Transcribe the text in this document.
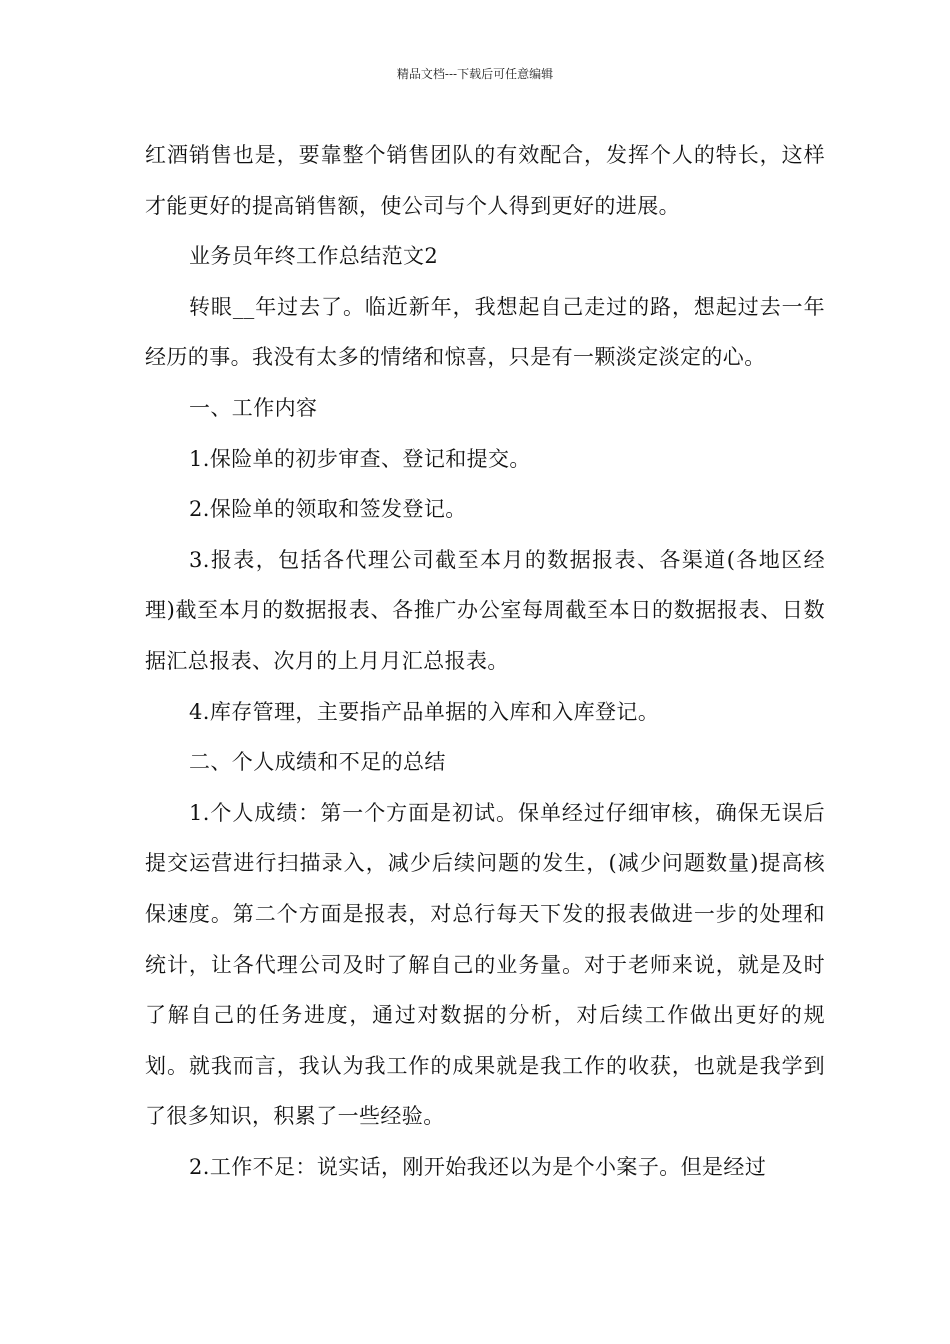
精品文档---下载后可任意编辑

红酒销售也是，要靠整个销售团队的有效配合，发挥个人的特长，这样才能更好的提高销售额，使公司与个人得到更好的进展。

业务员年终工作总结范文2

转眼__年过去了。临近新年，我想起自己走过的路，想起过去一年经历的事。我没有太多的情绪和惊喜，只是有一颗淡定淡定的心。

一、工作内容

1.保险单的初步审查、登记和提交。

2.保险单的领取和签发登记。

3.报表，包括各代理公司截至本月的数据报表、各渠道(各地区经理)截至本月的数据报表、各推广办公室每周截至本日的数据报表、日数据汇总报表、次月的上月月汇总报表。

4.库存管理，主要指产品单据的入库和入库登记。

二、个人成绩和不足的总结

1.个人成绩：第一个方面是初试。保单经过仔细审核，确保无误后提交运营进行扫描录入，减少后续问题的发生，(减少问题数量)提高核保速度。第二个方面是报表，对总行每天下发的报表做进一步的处理和统计，让各代理公司及时了解自己的业务量。对于老师来说，就是及时了解自己的任务进度，通过对数据的分析，对后续工作做出更好的规划。就我而言，我认为我工作的成果就是我工作的收获，也就是我学到了很多知识，积累了一些经验。

2.工作不足：说实话，刚开始我还以为是个小案子。但是经过
